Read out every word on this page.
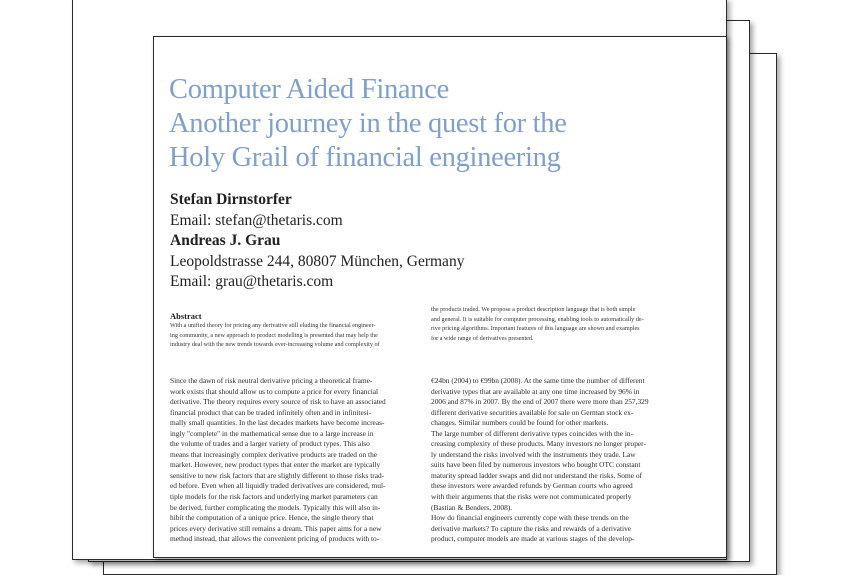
Computer Aided Finance
Another journey in the quest for the
Holy Grail of financial engineering
Stefan Dirnstorfer
Email: stefan@thetaris.com
Andreas J. Grau
Leopoldstrasse 244, 80807 München, Germany
Email: grau@thetaris.com
Abstract
With a unified theory for pricing any derivative still eluding the financial engineer-
ing community, a new approach to product modelling is presented that may help the
industry deal with the new trends towards ever-increasing volume and complexity of
the products traded. We propose a product description language that is both simple
and general. It is suitable for computer processing, enabling tools to automatically de-
rive pricing algorithms. Important features of this language are shown and examples
for a wide range of derivatives presented.
Since the dawn of risk neutral derivative pricing a theoretical frame-
work exists that should allow us to compute a price for every financial
derivative. The theory requires every source of risk to have an associated
financial product that can be traded infinitely often and in infinitesi-
mally small quantities. In the last decades markets have become increas-
ingly "complete" in the mathematical sense due to a large increase in
the volume of trades and a larger variety of product types. This also
means that increasingly complex derivative products are traded on the
market. However, new product types that enter the market are typically
sensitive to new risk factors that are slightly different to those risks trad-
ed before. Even when all liquidly traded derivatives are considered, mul-
tiple models for the risk factors and underlying market parameters can
be derived, further complicating the models. Typically this will also in-
hibit the computation of a unique price. Hence, the single theory that
prices every derivative still remains a dream. This paper aims for a new
method instead, that allows the convenient pricing of products with to-
€24bn (2004) to €99bn (2008). At the same time the number of different
derivative types that are available at any one time increased by 96% in
2006 and 87% in 2007. By the end of 2007 there were more than 257,329
different derivative securities available for sale on German stock ex-
changes. Similar numbers could be found for other markets.
The large number of different derivative types coincides with the in-
creasing complexity of these products. Many investors no longer proper-
ly understand the risks involved with the instruments they trade. Law
suits have been filed by numerous investors who bought OTC constant
maturity spread ladder swaps and did not understand the risks. Some of
these investors were awarded refunds by German courts who agreed
with their arguments that the risks were not communicated properly
(Bastian & Benders, 2008).
How do financial engineers currently cope with these trends on the
derivative markets? To capture the risks and rewards of a derivative
product, computer models are made at various stages of the develop-
